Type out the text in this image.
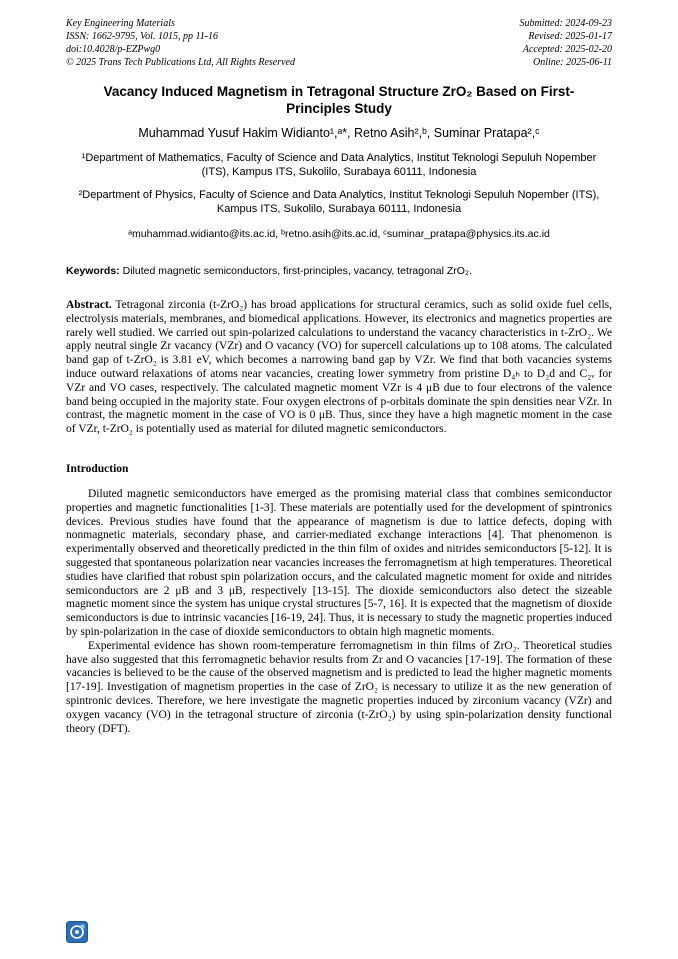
Key Engineering Materials
ISSN: 1662-9795, Vol. 1015, pp 11-16
doi:10.4028/p-EZPwg0
© 2025 Trans Tech Publications Ltd, All Rights Reserved
Submitted: 2024-09-23
Revised: 2025-01-17
Accepted: 2025-02-20
Online: 2025-06-11
Vacancy Induced Magnetism in Tetragonal Structure ZrO₂ Based on First-Principles Study
Muhammad Yusuf Hakim Widianto¹,ᵃ*, Retno Asih²,ᵇ, Suminar Pratapa²,ᶜ
¹Department of Mathematics, Faculty of Science and Data Analytics, Institut Teknologi Sepuluh Nopember (ITS), Kampus ITS, Sukolilo, Surabaya 60111, Indonesia
²Department of Physics, Faculty of Science and Data Analytics, Institut Teknologi Sepuluh Nopember (ITS), Kampus ITS, Sukolilo, Surabaya 60111, Indonesia
ᵃmuhammad.widianto@its.ac.id, ᵇretno.asih@its.ac.id, ᶜsuminar_pratapa@physics.its.ac.id

Keywords: Diluted magnetic semiconductors, first-principles, vacancy, tetragonal ZrO₂.

Abstract. Tetragonal zirconia (t-ZrO₂) has broad applications for structural ceramics, such as solid oxide fuel cells, electrolysis materials, membranes, and biomedical applications. However, its electronics and magnetics properties are rarely well studied. We carried out spin-polarized calculations to understand the vacancy characteristics in t-ZrO₂. We apply neutral single Zr vacancy (VZr) and O vacancy (VO) for supercell calculations up to 108 atoms. The calculated band gap of t-ZrO₂ is 3.81 eV, which becomes a narrowing band gap by VZr. We find that both vacancies systems induce outward relaxations of atoms near vacancies, creating lower symmetry from pristine D₄ₕ to D₂d and C₂ᵥ for VZr and VO cases, respectively. The calculated magnetic moment VZr is 4 μB due to four electrons of the valence band being occupied in the majority state. Four oxygen electrons of p-orbitals dominate the spin densities near VZr. In contrast, the magnetic moment in the case of VO is 0 μB. Thus, since they have a high magnetic moment in the case of VZr, t-ZrO₂ is potentially used as material for diluted magnetic semiconductors.

Introduction

Diluted magnetic semiconductors have emerged as the promising material class that combines semiconductor properties and magnetic functionalities [1-3]. These materials are potentially used for the development of spintronics devices. Previous studies have found that the appearance of magnetism is due to lattice defects, doping with nonmagnetic materials, secondary phase, and carrier-mediated exchange interactions [4]. That phenomenon is experimentally observed and theoretically predicted in the thin film of oxides and nitrides semiconductors [5-12]. It is suggested that spontaneous polarization near vacancies increases the ferromagnetism at high temperatures. Theoretical studies have clarified that robust spin polarization occurs, and the calculated magnetic moment for oxide and nitrides semiconductors are 2 μB and 3 μB, respectively [13-15]. The dioxide semiconductors also detect the sizeable magnetic moment since the system has unique crystal structures [5-7, 16]. It is expected that the magnetism of dioxide semiconductors is due to intrinsic vacancies [16-19, 24]. Thus, it is necessary to study the magnetic properties induced by spin-polarization in the case of dioxide semiconductors to obtain high magnetic moments.

Experimental evidence has shown room-temperature ferromagnetism in thin films of ZrO₂. Theoretical studies have also suggested that this ferromagnetic behavior results from Zr and O vacancies [17-19]. The formation of these vacancies is believed to be the cause of the observed magnetism and is predicted to lead the higher magnetic moments [17-19]. Investigation of magnetism properties in the case of ZrO₂ is necessary to utilize it as the new generation of spintronic devices. Therefore, we here investigate the magnetic properties induced by zirconium vacancy (VZr) and oxygen vacancy (VO) in the tetragonal structure of zirconia (t-ZrO₂) by using spin-polarization density functional theory (DFT).
